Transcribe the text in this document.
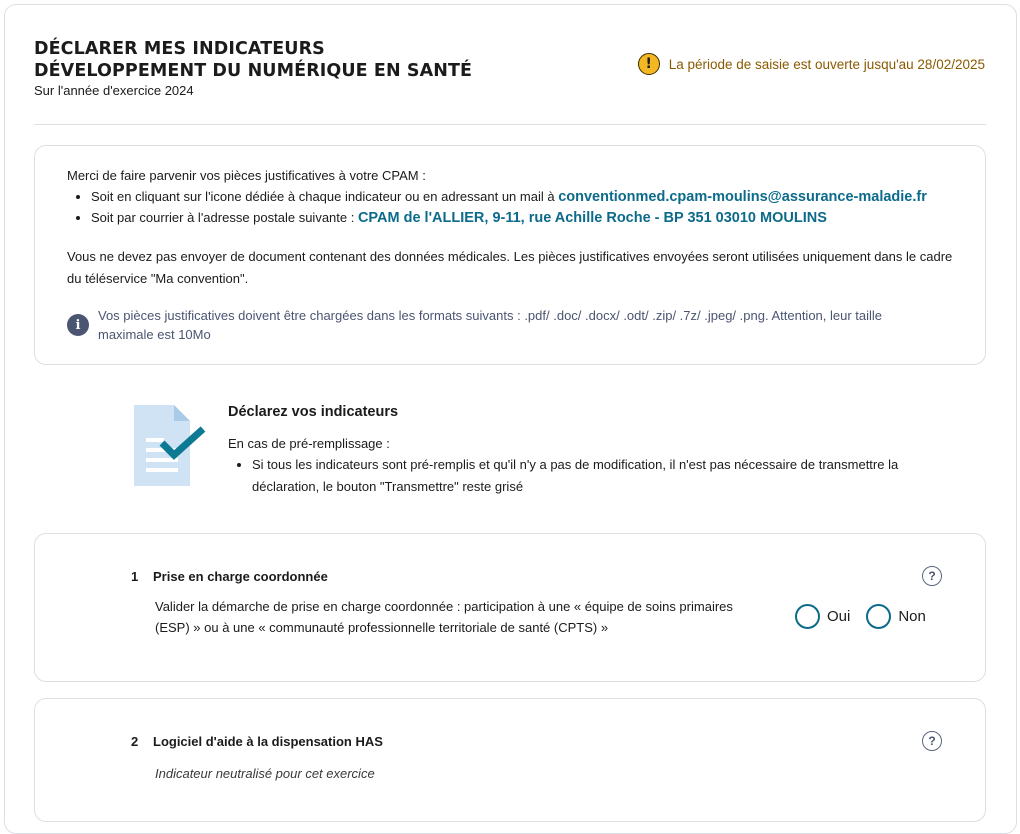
DÉCLARER MES INDICATEURS
DÉVELOPPEMENT DU NUMÉRIQUE EN SANTÉ
Sur l'année d'exercice 2024
!	La période de saisie est ouverte jusqu'au 28/02/2025
Merci de faire parvenir vos pièces justificatives à votre CPAM :
• Soit en cliquant sur l'icone dédiée à chaque indicateur ou en adressant un mail à conventionmed.cpam-moulins@assurance-maladie.fr
• Soit par courrier à l'adresse postale suivante : CPAM de l'ALLIER, 9-11, rue Achille Roche - BP 351 03010 MOULINS
Vous ne devez pas envoyer de document contenant des données médicales. Les pièces justificatives envoyées seront utilisées uniquement dans le cadre du téléservice "Ma convention".
i
Vos pièces justificatives doivent être chargées dans les formats suivants : .pdf/ .doc/ .docx/ .odt/ .zip/ .7z/ .jpeg/ .png. Attention, leur taille maximale est 10Mo
Déclarez vos indicateurs
En cas de pré-remplissage :
• Si tous les indicateurs sont pré-remplis et qu'il n'y a pas de modification, il n'est pas nécessaire de transmettre la déclaration, le bouton "Transmettre" reste grisé
1 Prise en charge coordonnée	?
Valider la démarche de prise en charge coordonnée : participation à une « équipe de soins primaires (ESP) » ou à une « communauté professionnelle territoriale de santé (CPTS) »
Oui	Non
2 Logiciel d'aide à la dispensation HAS	?
Indicateur neutralisé pour cet exercice
